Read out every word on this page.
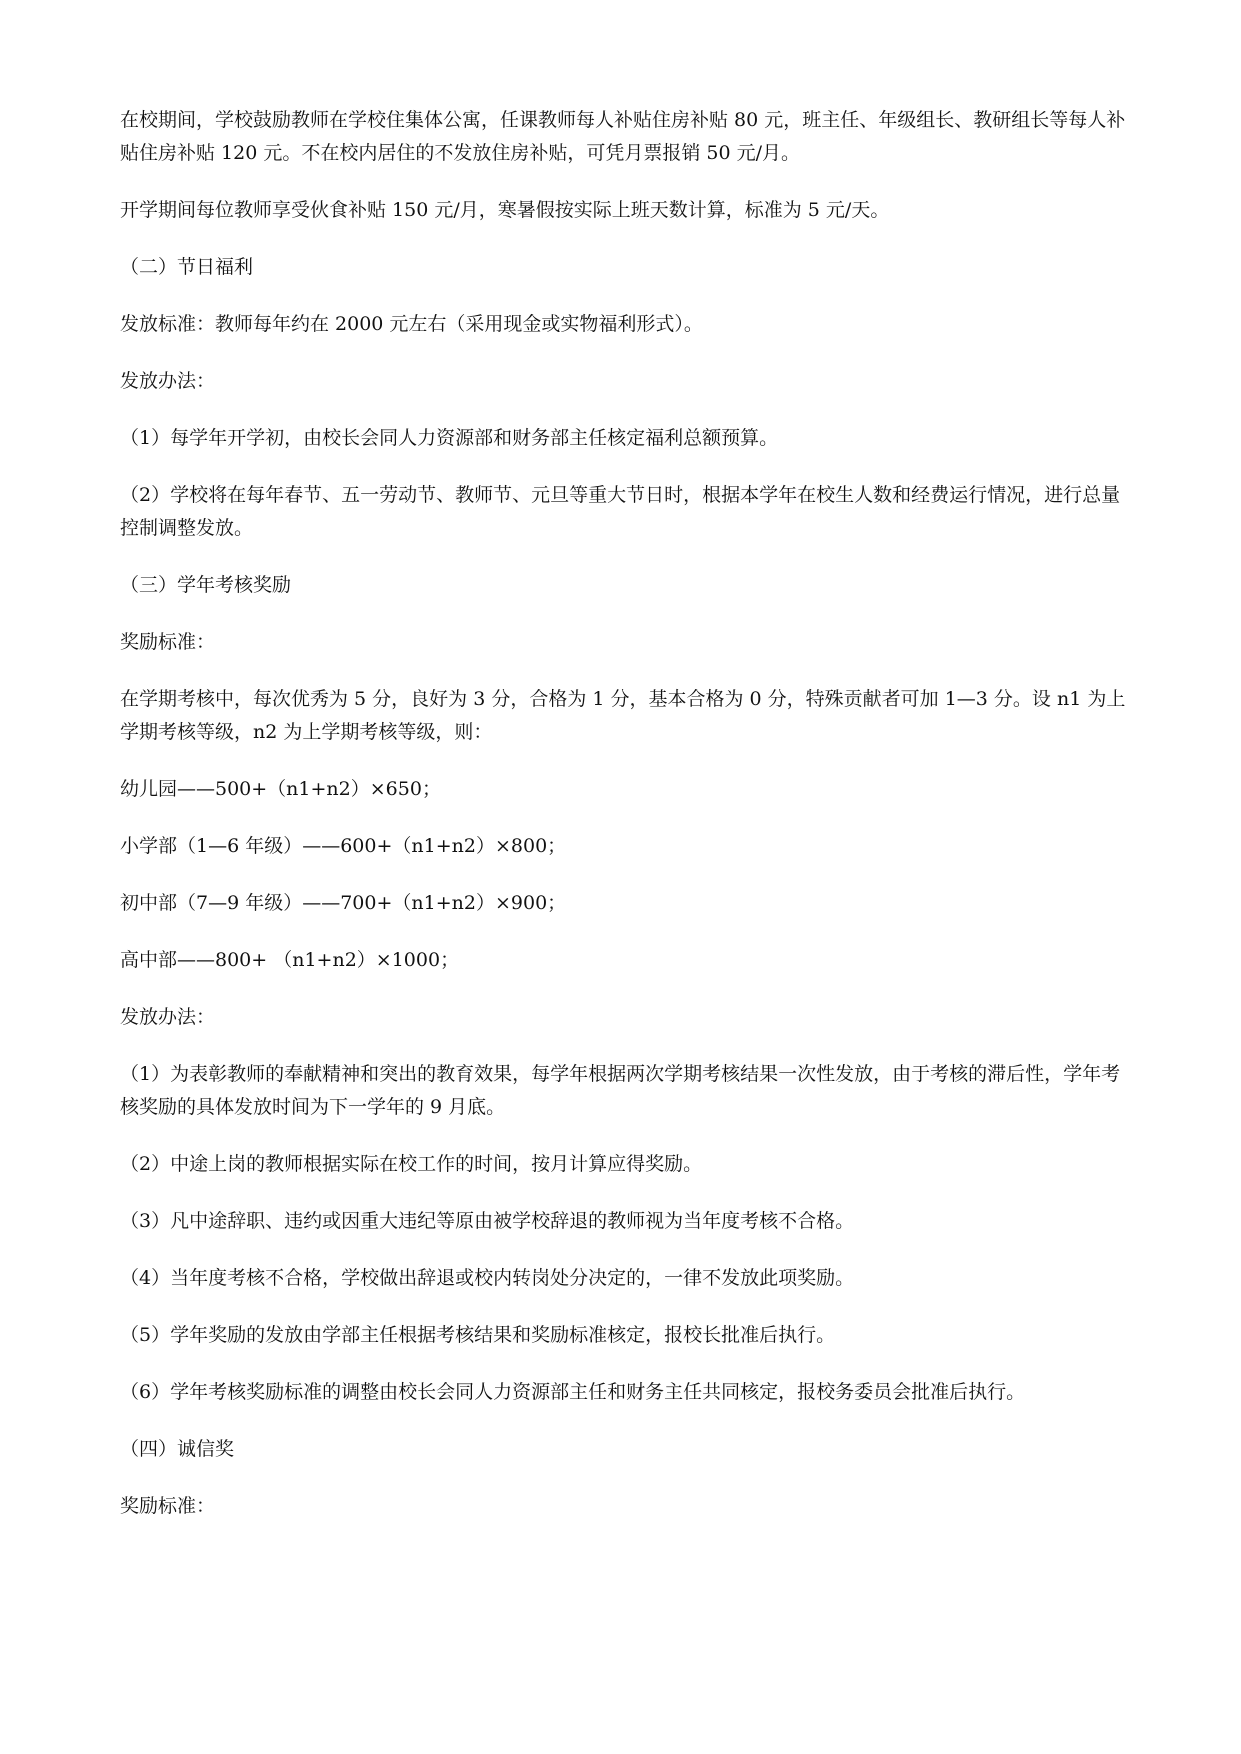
在校期间，学校鼓励教师在学校住集体公寓，任课教师每人补贴住房补贴 80 元，班主任、年级组长、教研组长等每人补贴住房补贴 120 元。不在校内居住的不发放住房补贴，可凭月票报销 50 元/月。

开学期间每位教师享受伙食补贴 150 元/月，寒暑假按实际上班天数计算，标准为 5 元/天。

（二）节日福利

发放标准：教师每年约在 2000 元左右（采用现金或实物福利形式）。

发放办法：

（1）每学年开学初，由校长会同人力资源部和财务部主任核定福利总额预算。

（2）学校将在每年春节、五一劳动节、教师节、元旦等重大节日时，根据本学年在校生人数和经费运行情况，进行总量控制调整发放。

（三）学年考核奖励

奖励标准：

在学期考核中，每次优秀为 5 分，良好为 3 分，合格为 1 分，基本合格为 0 分，特殊贡献者可加 1—3 分。设 n1 为上学期考核等级，n2 为上学期考核等级，则：

幼儿园——500+（n1+n2）×650；

小学部（1—6 年级）——600+（n1+n2）×800；

初中部（7—9 年级）——700+（n1+n2）×900；

高中部——800+ （n1+n2）×1000；

发放办法：

（1）为表彰教师的奉献精神和突出的教育效果，每学年根据两次学期考核结果一次性发放，由于考核的滞后性，学年考核奖励的具体发放时间为下一学年的 9 月底。

（2）中途上岗的教师根据实际在校工作的时间，按月计算应得奖励。

（3）凡中途辞职、违约或因重大违纪等原由被学校辞退的教师视为当年度考核不合格。

（4）当年度考核不合格，学校做出辞退或校内转岗处分决定的，一律不发放此项奖励。

（5）学年奖励的发放由学部主任根据考核结果和奖励标准核定，报校长批准后执行。

（6）学年考核奖励标准的调整由校长会同人力资源部主任和财务主任共同核定，报校务委员会批准后执行。

（四）诚信奖

奖励标准：
